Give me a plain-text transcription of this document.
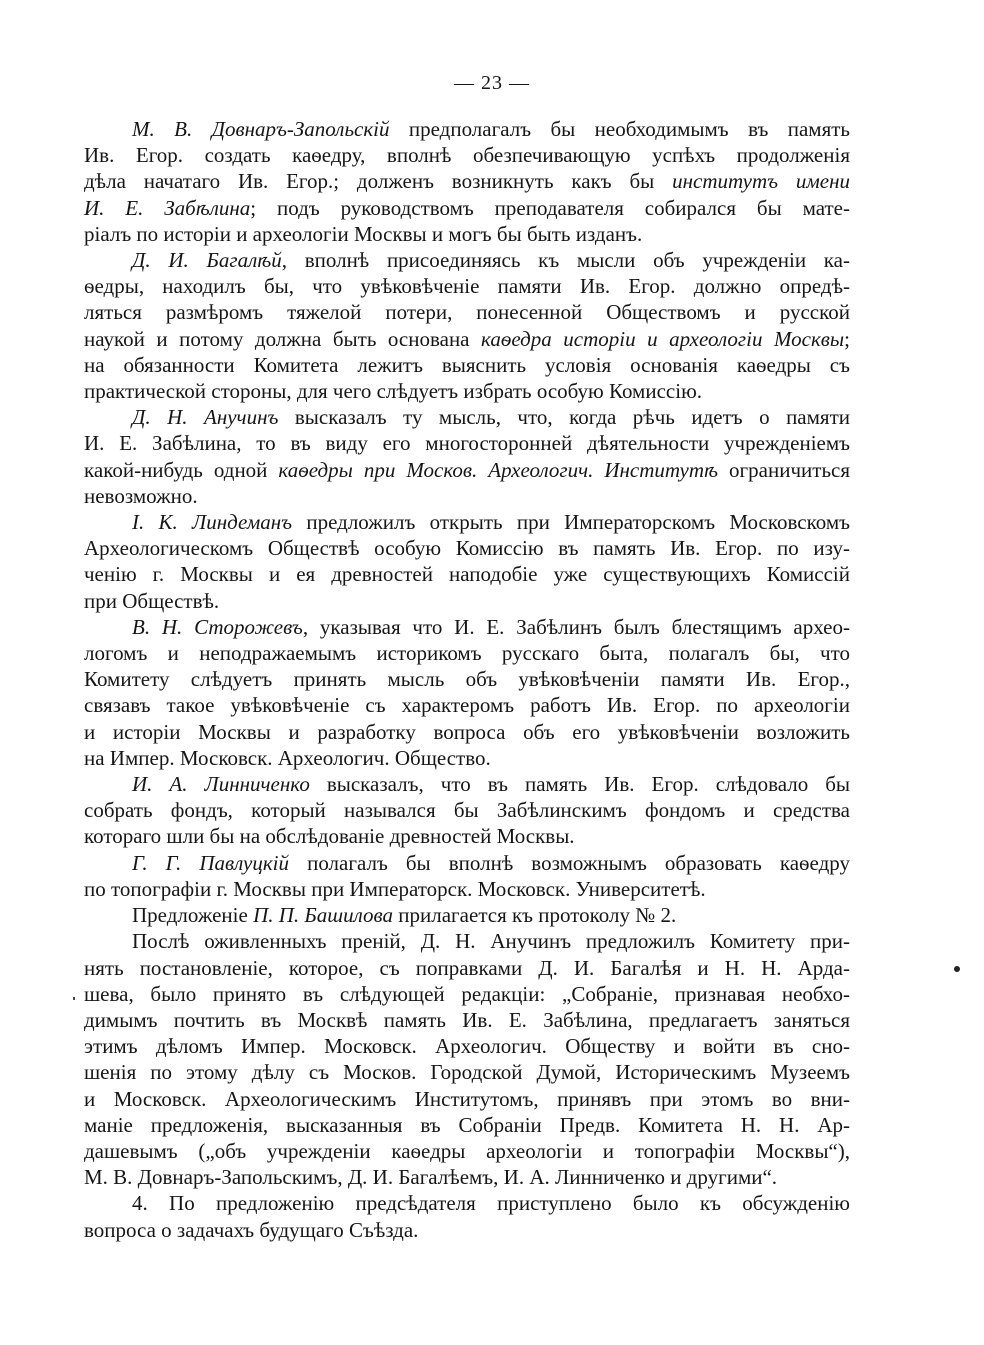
— 23 —
М. В. Довнаръ-Запольскій предполагалъ бы необходимымъ въ память
Ив. Егор. создать каѳедру, вполнѣ обезпечивающую успѣхъ продолженія
дѣла начатаго Ив. Егор.; долженъ возникнуть какъ бы институтъ имени
И. Е. Забѣлина; подъ руководствомъ преподавателя собирался бы мате-
ріалъ по исторіи и археологіи Москвы и могъ бы быть изданъ.
Д. И. Багалѣй, вполнѣ присоединяясь къ мысли объ учрежденіи ка-
ѳедры, находилъ бы, что увѣковѣченіе памяти Ив. Егор. должно опредѣ-
ляться размѣромъ тяжелой потери, понесенной Обществомъ и русской
наукой и потому должна быть основана каѳедра исторіи и археологіи Москвы;
на обязанности Комитета лежитъ выяснить условія основанія каѳедры съ
практической стороны, для чего слѣдуетъ избрать особую Комиссію.
Д. Н. Анучинъ высказалъ ту мысль, что, когда рѣчь идетъ о памяти
И. Е. Забѣлина, то въ виду его многосторонней дѣятельности учрежденіемъ
какой-нибудь одной каѳедры при Москов. Археологич. Институтѣ ограничиться
невозможно.
І. К. Линдеманъ предложилъ открыть при Императорскомъ Московскомъ
Археологическомъ Обществѣ особую Комиссію въ память Ив. Егор. по изу-
ченію г. Москвы и ея древностей наподобіе уже существующихъ Комиссій
при Обществѣ.
В. Н. Сторожевъ, указывая что И. Е. Забѣлинъ былъ блестящимъ архео-
логомъ и неподражаемымъ историкомъ русскаго быта, полагалъ бы, что
Комитету слѣдуетъ принять мысль объ увѣковѣченіи памяти Ив. Егор.,
связавъ такое увѣковѣченіе съ характеромъ работъ Ив. Егор. по археологіи
и исторіи Москвы и разработку вопроса объ его увѣковѣченіи возложить
на Импер. Московск. Археологич. Общество.
И. А. Линниченко высказалъ, что въ память Ив. Егор. слѣдовало бы
собрать фондъ, который назывался бы Забѣлинскимъ фондомъ и средства
котораго шли бы на обслѣдованіе древностей Москвы.
Г. Г. Павлуцкій полагалъ бы вполнѣ возможнымъ образовать каѳедру
по топографіи г. Москвы при Императорск. Московск. Университетѣ.
Предложеніе П. П. Башилова прилагается къ протоколу № 2.
Послѣ оживленныхъ преній, Д. Н. Анучинъ предложилъ Комитету при-
нять постановленіе, которое, съ поправками Д. И. Багалѣя и Н. Н. Арда-
шева, было принято въ слѣдующей редакціи: „Собраніе, признавая необхо-
димымъ почтить въ Москвѣ память Ив. Е. Забѣлина, предлагаетъ заняться
этимъ дѣломъ Импер. Московск. Археологич. Обществу и войти въ сно-
шенія по этому дѣлу съ Москов. Городской Думой, Историческимъ Музеемъ
и Московск. Археологическимъ Институтомъ, принявъ при этомъ во вни-
маніе предложенія, высказанныя въ Собраніи Предв. Комитета Н. Н. Ар-
дашевымъ („объ учрежденіи каѳедры археологіи и топографіи Москвы“),
М. В. Довнаръ-Запольскимъ, Д. И. Багалѣемъ, И. А. Линниченко и другими“.
4. По предложенію предсѣдателя приступлено было къ обсужденію
вопроса о задачахъ будущаго Съѣзда.
